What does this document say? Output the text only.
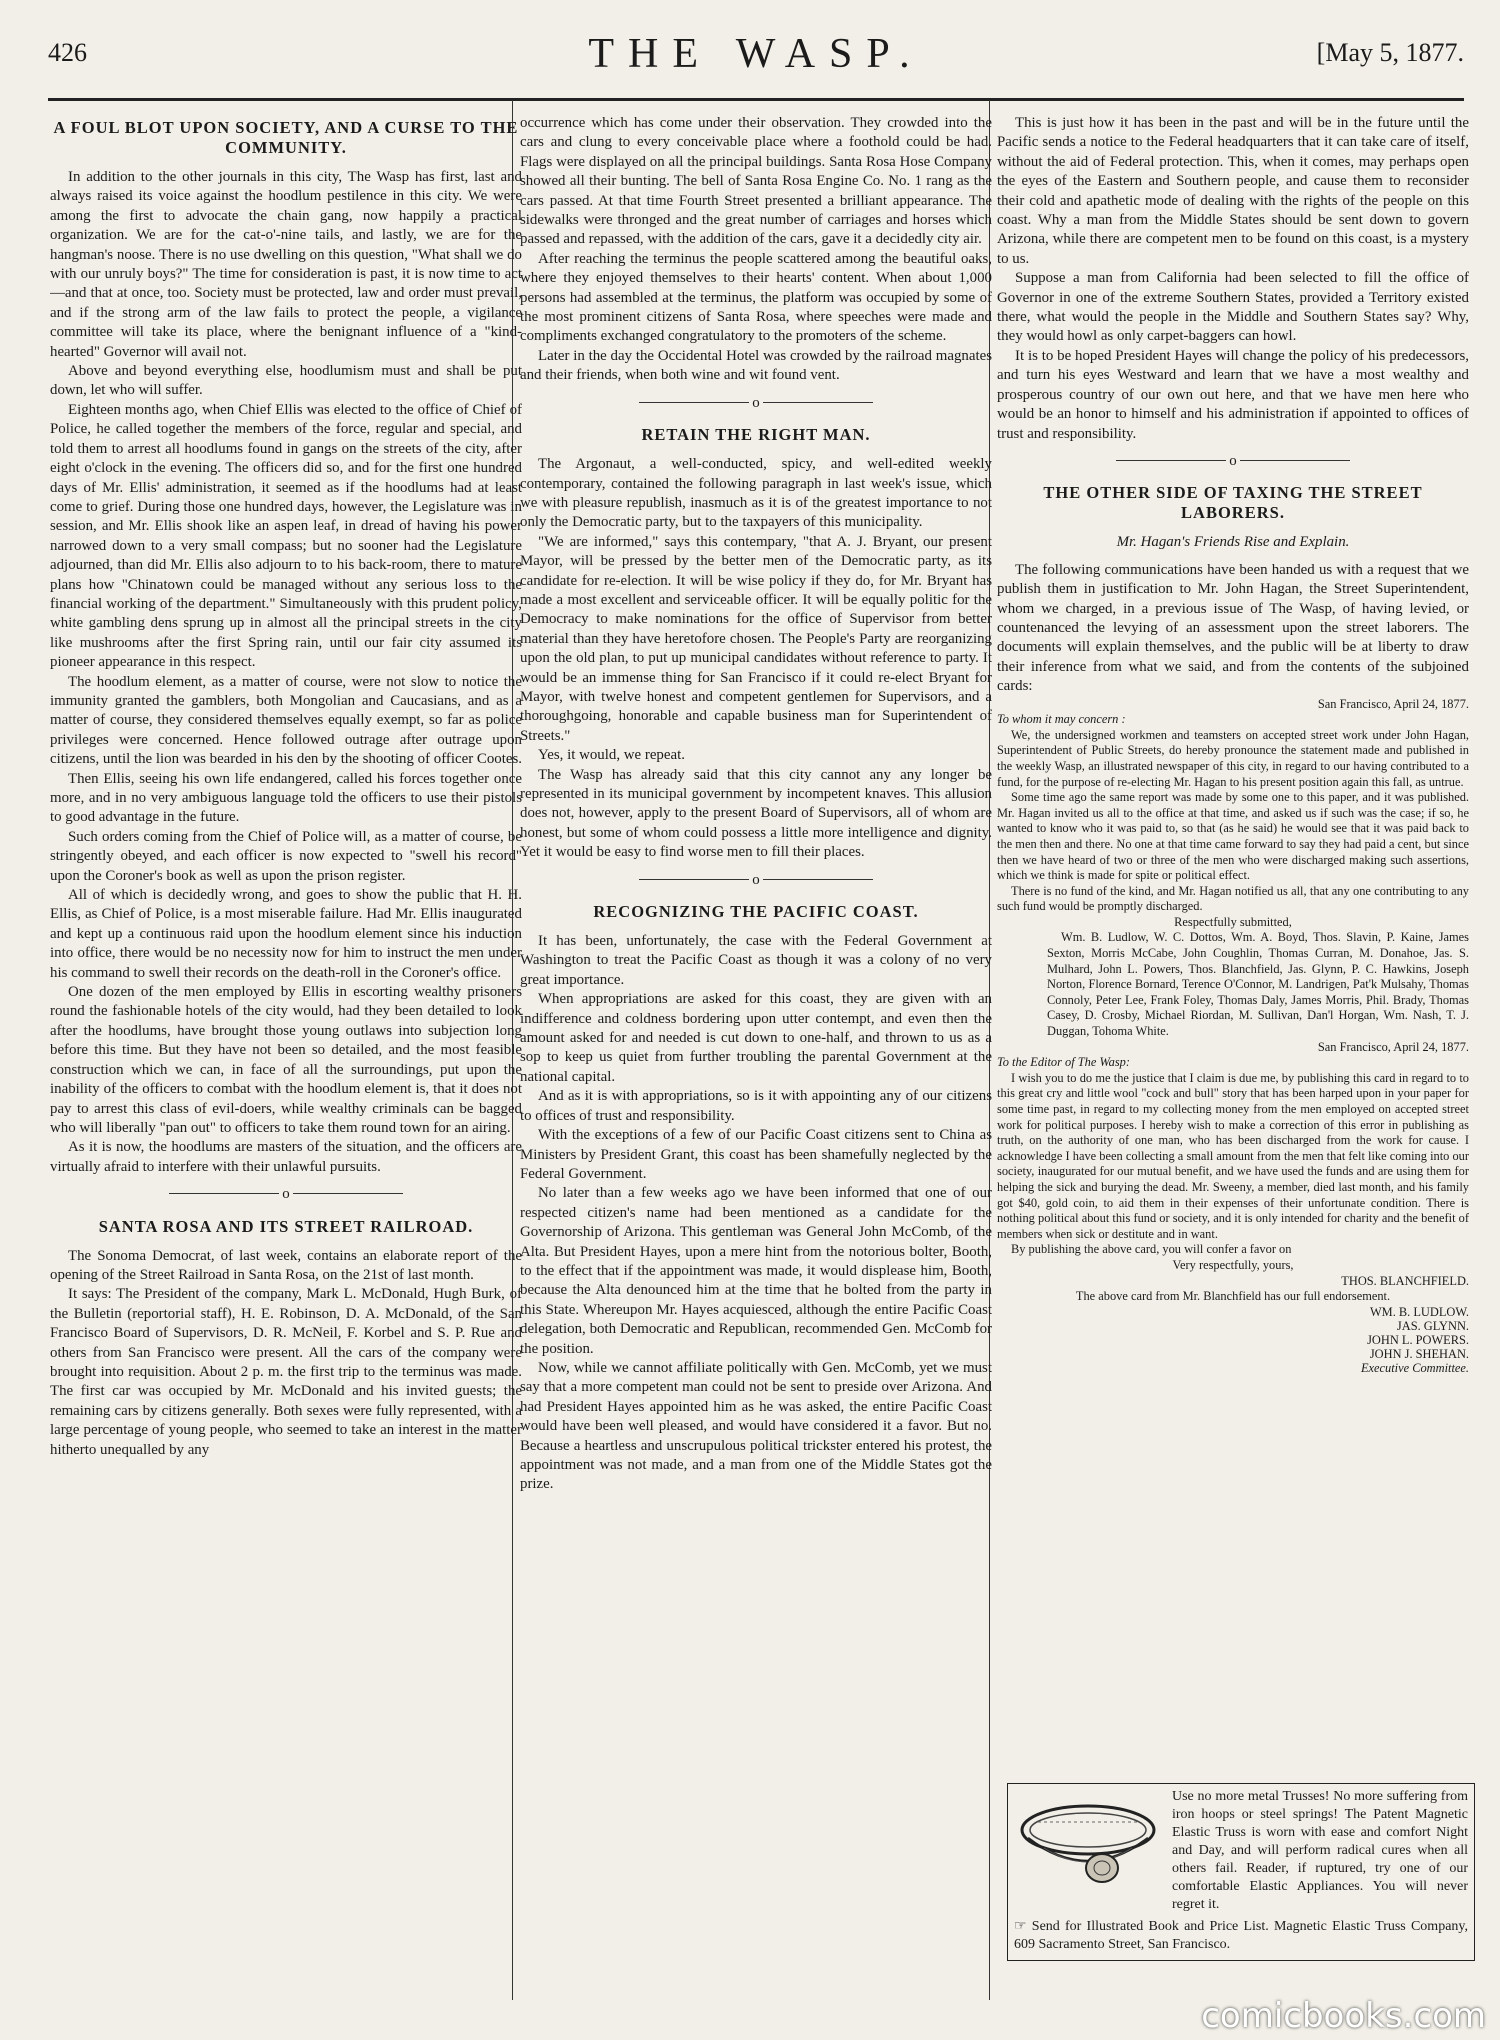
426	THE WASP.	[May 5, 1877.
A FOUL BLOT UPON SOCIETY, AND A CURSE TO THE COMMUNITY.

In addition to the other journals in this city, The Wasp has first, last and always raised its voice against the hoodlum pestilence in this city. We were among the first to advocate the chain gang, now happily a practical organization. We are for the cat-o'-nine tails, and lastly, we are for the hangman's noose. There is no use dwelling on this question, "What shall we do with our unruly boys?" The time for consideration is past, it is now time to act—and that at once, too. Society must be protected, law and order must prevail, and if the strong arm of the law fails to protect the people, a vigilance committee will take its place, where the benignant influence of a "kind-hearted" Governor will avail not.

Above and beyond everything else, hoodlumism must and shall be put down, let who will suffer.

Eighteen months ago, when Chief Ellis was elected to the office of Chief of Police, he called together the members of the force, regular and special, and told them to arrest all hoodlums found in gangs on the streets of the city, after eight o'clock in the evening. The officers did so, and for the first one hundred days of Mr. Ellis' administration, it seemed as if the hoodlums had at least come to grief. During those one hundred days, however, the Legislature was in session, and Mr. Ellis shook like an aspen leaf, in dread of having his power narrowed down to a very small compass; but no sooner had the Legislature adjourned, than did Mr. Ellis also adjourn to to his back-room, there to mature plans how "Chinatown could be managed without any serious loss to the financial working of the department." Simultaneously with this prudent policy, white gambling dens sprung up in almost all the principal streets in the city like mushrooms after the first Spring rain, until our fair city assumed its pioneer appearance in this respect.

The hoodlum element, as a matter of course, were not slow to notice the immunity granted the gamblers, both Mongolian and Caucasians, and as a matter of course, they considered themselves equally exempt, so far as police privileges were concerned. Hence followed outrage after outrage upon citizens, until the lion was bearded in his den by the shooting of officer Cootes.

Then Ellis, seeing his own life endangered, called his forces together once more, and in no very ambiguous language told the officers to use their pistols to good advantage in the future.

Such orders coming from the Chief of Police will, as a matter of course, be stringently obeyed, and each officer is now expected to "swell his record" upon the Coroner's book as well as upon the prison register.

All of which is decidedly wrong, and goes to show the public that H. H. Ellis, as Chief of Police, is a most miserable failure. Had Mr. Ellis inaugurated and kept up a continuous raid upon the hoodlum element since his induction into office, there would be no necessity now for him to instruct the men under his command to swell their records on the death-roll in the Coroner's office.

One dozen of the men employed by Ellis in escorting wealthy prisoners round the fashionable hotels of the city would, had they been detailed to look after the hoodlums, have brought those young outlaws into subjection long before this time. But they have not been so detailed, and the most feasible construction which we can, in face of all the surroundings, put upon the inability of the officers to combat with the hoodlum element is, that it does not pay to arrest this class of evil-doers, while wealthy criminals can be bagged who will liberally "pan out" to officers to take them round town for an airing.

As it is now, the hoodlums are masters of the situation, and the officers are virtually afraid to interfere with their unlawful pursuits.

o
SANTA ROSA AND ITS STREET RAILROAD.

The Sonoma Democrat, of last week, contains an elaborate report of the opening of the Street Railroad in Santa Rosa, on the 21st of last month.

It says: The President of the company, Mark L. McDonald, Hugh Burk, of the Bulletin (reportorial staff), H. E. Robinson, D. A. McDonald, of the San Francisco Board of Supervisors, D. R. McNeil, F. Korbel and S. P. Rue and others from San Francisco were present. All the cars of the company were brought into requisition. About 2 p. m. the first trip to the terminus was made. The first car was occupied by Mr. McDonald and his invited guests; the remaining cars by citizens generally. Both sexes were fully represented, with a large percentage of young people, who seemed to take an interest in the matter hitherto unequalled by any

occurrence which has come under their observation. They crowded into the cars and clung to every conceivable place where a foothold could be had. Flags were displayed on all the principal buildings. Santa Rosa Hose Company showed all their bunting. The bell of Santa Rosa Engine Co. No. 1 rang as the cars passed. At that time Fourth Street presented a brilliant appearance. The sidewalks were thronged and the great number of carriages and horses which passed and repassed, with the addition of the cars, gave it a decidedly city air.

After reaching the terminus the people scattered among the beautiful oaks, where they enjoyed themselves to their hearts' content. When about 1,000 persons had assembled at the terminus, the platform was occupied by some of the most prominent citizens of Santa Rosa, where speeches were made and compliments exchanged congratulatory to the promoters of the scheme.

Later in the day the Occidental Hotel was crowded by the railroad magnates and their friends, when both wine and wit found vent.

o
RETAIN THE RIGHT MAN.

The Argonaut, a well-conducted, spicy, and well-edited weekly contemporary, contained the following paragraph in last week's issue, which we with pleasure republish, inasmuch as it is of the greatest importance to not only the Democratic party, but to the taxpayers of this municipality.

"We are informed," says this contempary, "that A. J. Bryant, our present Mayor, will be pressed by the better men of the Democratic party, as its candidate for re-election. It will be wise policy if they do, for Mr. Bryant has made a most excellent and serviceable officer. It will be equally politic for the Democracy to make nominations for the office of Supervisor from better material than they have heretofore chosen. The People's Party are reorganizing upon the old plan, to put up municipal candidates without reference to party. It would be an immense thing for San Francisco if it could re-elect Bryant for Mayor, with twelve honest and competent gentlemen for Supervisors, and a thoroughgoing, honorable and capable business man for Superintendent of Streets."

Yes, it would, we repeat.

The Wasp has already said that this city cannot any any longer be represented in its municipal government by incompetent knaves. This allusion does not, however, apply to the present Board of Supervisors, all of whom are honest, but some of whom could possess a little more intelligence and dignity. Yet it would be easy to find worse men to fill their places.

o
RECOGNIZING THE PACIFIC COAST.

It has been, unfortunately, the case with the Federal Government at Washington to treat the Pacific Coast as though it was a colony of no very great importance.

When appropriations are asked for this coast, they are given with an indifference and coldness bordering upon utter contempt, and even then the amount asked for and needed is cut down to one-half, and thrown to us as a sop to keep us quiet from further troubling the parental Government at the national capital.

And as it is with appropriations, so is it with appointing any of our citizens to offices of trust and responsibility.

With the exceptions of a few of our Pacific Coast citizens sent to China as Ministers by President Grant, this coast has been shamefully neglected by the Federal Government.

No later than a few weeks ago we have been informed that one of our respected citizen's name had been mentioned as a candidate for the Governorship of Arizona. This gentleman was General John McComb, of the Alta. But President Hayes, upon a mere hint from the notorious bolter, Booth, to the effect that if the appointment was made, it would displease him, Booth, because the Alta denounced him at the time that he bolted from the party in this State. Whereupon Mr. Hayes acquiesced, although the entire Pacific Coast delegation, both Democratic and Republican, recommended Gen. McComb for the position.

Now, while we cannot affiliate politically with Gen. McComb, yet we must say that a more competent man could not be sent to preside over Arizona. And had President Hayes appointed him as he was asked, the entire Pacific Coast would have been well pleased, and would have considered it a favor. But no. Because a heartless and unscrupulous political trickster entered his protest, the appointment was not made, and a man from one of the Middle States got the prize.

This is just how it has been in the past and will be in the future until the Pacific sends a notice to the Federal headquarters that it can take care of itself, without the aid of Federal protection. This, when it comes, may perhaps open the eyes of the Eastern and Southern people, and cause them to reconsider their cold and apathetic mode of dealing with the rights of the people on this coast. Why a man from the Middle States should be sent down to govern Arizona, while there are competent men to be found on this coast, is a mystery to us.

Suppose a man from California had been selected to fill the office of Governor in one of the extreme Southern States, provided a Territory existed there, what would the people in the Middle and Southern States say? Why, they would howl as only carpet-baggers can howl.

It is to be hoped President Hayes will change the policy of his predecessors, and turn his eyes Westward and learn that we have a most wealthy and prosperous country of our own out here, and that we have men here who would be an honor to himself and his administration if appointed to offices of trust and responsibility.

o
THE OTHER SIDE OF TAXING THE STREET LABORERS.
Mr. Hagan's Friends Rise and Explain.

The following communications have been handed us with a request that we publish them in justification to Mr. John Hagan, the Street Superintendent, whom we charged, in a previous issue of The Wasp, of having levied, or countenanced the levying of an assessment upon the street laborers. The documents will explain themselves, and the public will be at liberty to draw their inference from what we said, and from the contents of the subjoined cards:

San Francisco, April 24, 1877.
To whom it may concern :

We, the undersigned workmen and teamsters on accepted street work under John Hagan, Superintendent of Public Streets, do hereby pronounce the statement made and published in the weekly Wasp, an illustrated newspaper of this city, in regard to our having contributed to a fund, for the purpose of re-electing Mr. Hagan to his present position again this fall, as untrue.

Some time ago the same report was made by some one to this paper, and it was published. Mr. Hagan invited us all to the office at that time, and asked us if such was the case; if so, he wanted to know who it was paid to, so that (as he said) he would see that it was paid back to the men then and there. No one at that time came forward to say they had paid a cent, but since then we have heard of two or three of the men who were discharged making such assertions, which we think is made for spite or political effect.

There is no fund of the kind, and Mr. Hagan notified us all, that any one contributing to any such fund would be promptly discharged.

Respectfully submitted,

Wm. B. Ludlow, W. C. Dottos, Wm. A. Boyd, Thos. Slavin, P. Kaine, James Sexton, Morris McCabe, John Coughlin, Thomas Curran, M. Donahoe, Jas. S. Mulhard, John L. Powers, Thos. Blanchfield, Jas. Glynn, P. C. Hawkins, Joseph Norton, Florence Bornard, Terence O'Connor, M. Landrigen, Pat'k Mulsahy, Thomas Connoly, Peter Lee, Frank Foley, Thomas Daly, James Morris, Phil. Brady, Thomas Casey, D. Crosby, Michael Riordan, M. Sullivan, Dan'l Horgan, Wm. Nash, T. J. Duggan, Tohoma White.

San Francisco, April 24, 1877.
To the Editor of The Wasp:

I wish you to do me the justice that I claim is due me, by publishing this card in regard to to this great cry and little wool "cock and bull" story that has been harped upon in your paper for some time past, in regard to my collecting money from the men employed on accepted street work for political purposes. I hereby wish to make a correction of this error in publishing as truth, on the authority of one man, who has been discharged from the work for cause. I acknowledge I have been collecting a small amount from the men that felt like coming into our society, inaugurated for our mutual benefit, and we have used the funds and are using them for helping the sick and burying the dead. Mr. Sweeny, a member, died last month, and his family got $40, gold coin, to aid them in their expenses of their unfortunate condition. There is nothing political about this fund or society, and it is only intended for charity and the benefit of members when sick or destitute and in want.

By publishing the above card, you will confer a favor on

Very respectfully, yours,
THOS. BLANCHFIELD.
The above card from Mr. Blanchfield has our full endorsement.
WM. B. LUDLOW.
JAS. GLYNN.
JOHN L. POWERS.
JOHN J. SHEHAN.
Executive Committee.
Use no more metal Trusses! No more suffering from iron hoops or steel springs! The Patent Magnetic Elastic Truss is worn with ease and comfort Night and Day, and will perform radical cures when all others fail. Reader, if ruptured, try one of our comfortable Elastic Appliances. You will never regret it.
☞ Send for Illustrated Book and Price List. Magnetic Elastic Truss Company, 609 Sacramento Street, San Francisco.
comicbooks.com
